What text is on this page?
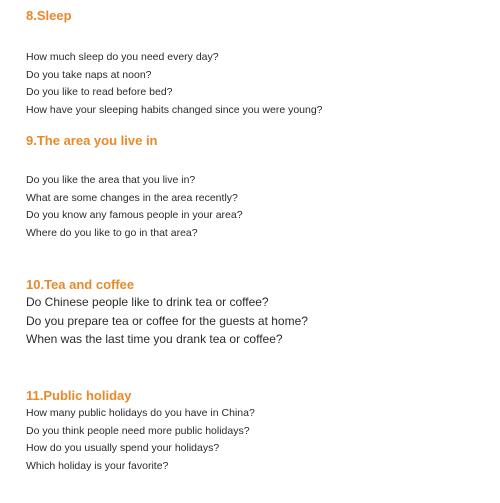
8.Sleep
How much sleep do you need every day?
Do you take naps at noon?
Do you like to read before bed?
How have your sleeping habits changed since you were young?
9.The area you live in
Do you like the area that you live in?
What are some changes in the area recently?
Do you know any famous people in your area?
Where do you like to go in that area?
10.Tea and coffee
Do Chinese people like to drink tea or coffee?
Do you prepare tea or coffee for the guests at home?
When was the last time you drank tea or coffee?
11.Public holiday
How many public holidays do you have in China?
Do you think people need more public holidays?
How do you usually spend your holidays?
Which holiday is your favorite?
